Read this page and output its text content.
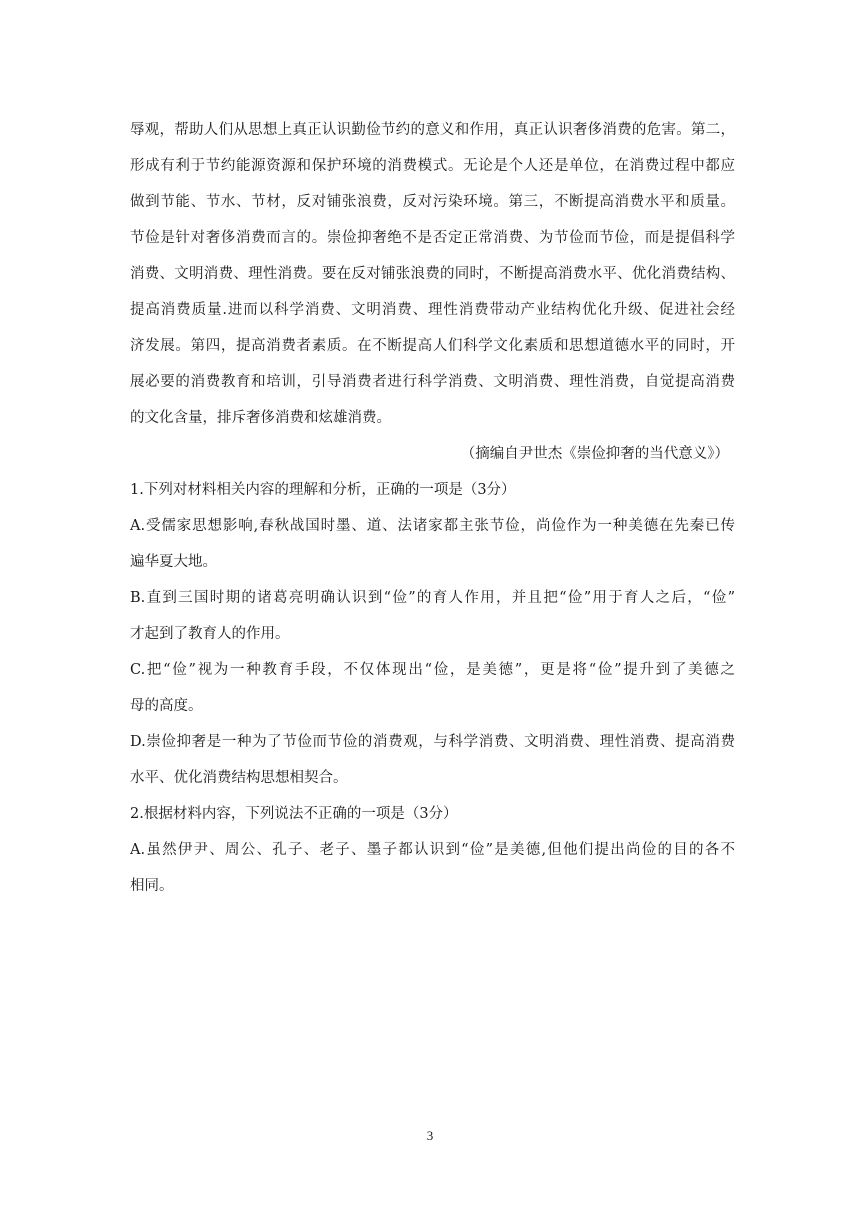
辱观，帮助人们从思想上真正认识勤俭节约的意义和作用，真正认识奢侈消费的危害。第二，
形成有利于节约能源资源和保护环境的消费模式。无论是个人还是单位，在消费过程中都应
做到节能、节水、节材，反对铺张浪费，反对污染环境。第三，不断提高消费水平和质量。
节俭是针对奢侈消费而言的。崇俭抑奢绝不是否定正常消费、为节俭而节俭，而是提倡科学
消费、文明消费、理性消费。要在反对铺张浪费的同时，不断提高消费水平、优化消费结构、
提高消费质量.进而以科学消费、文明消费、理性消费带动产业结构优化升级、促进社会经
济发展。第四，提高消费者素质。在不断提高人们科学文化素质和思想道德水平的同时，开
展必要的消费教育和培训，引导消费者进行科学消费、文明消费、理性消费，自觉提高消费
的文化含量，排斥奢侈消费和炫雄消费。
（摘编自尹世杰《崇俭抑奢的当代意义》）
1.下列对材料相关内容的理解和分析，正确的一项是（3分）
A.受儒家思想影响,春秋战国时墨、道、法诸家都主张节俭，尚俭作为一种美德在先秦已传
遍华夏大地。
B.直到三国时期的诸葛亮明确认识到“俭”的育人作用，并且把“俭”用于育人之后，“俭”
才起到了教育人的作用。
C.把“俭”视为一种教育手段，不仅体现出“俭，是美德”，更是将“俭”提升到了美德之
母的高度。
D.崇俭抑奢是一种为了节俭而节俭的消费观，与科学消费、文明消费、理性消费、提高消费
水平、优化消费结构思想相契合。
2.根据材料内容，下列说法不正确的一项是（3分）
A.虽然伊尹、周公、孔子、老子、墨子都认识到“俭”是美德,但他们提出尚俭的目的各不
相同。
3
